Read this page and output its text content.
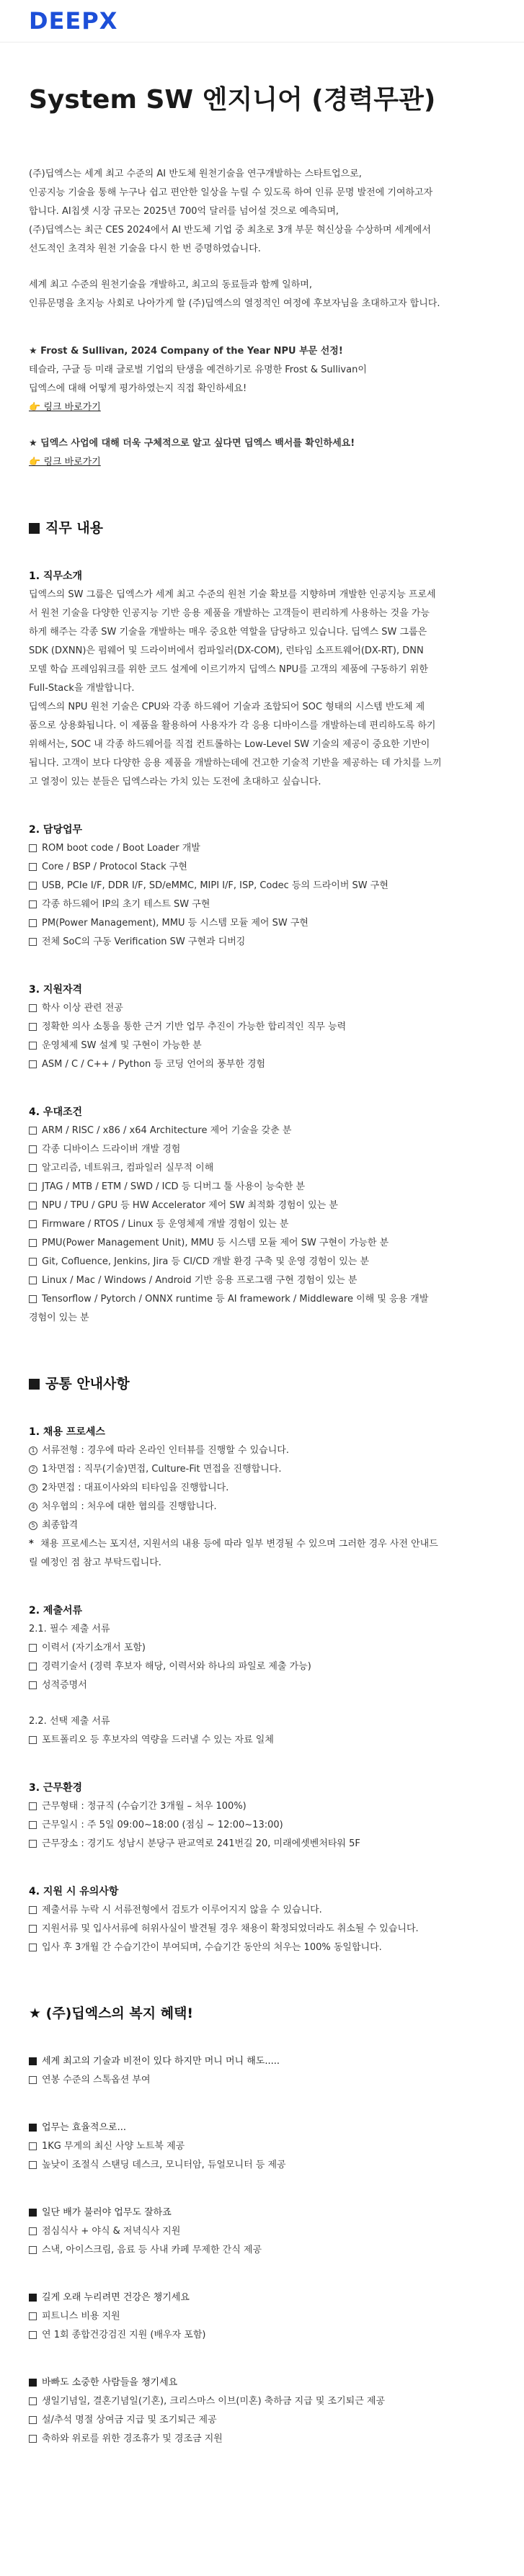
DEEPX
System SW 엔지니어 (경력무관)

(주)딥엑스는 세계 최고 수준의 AI 반도체 원천기술을 연구개발하는 스타트업으로,

인공지능 기술을 통해 누구나 쉽고 편안한 일상을 누릴 수 있도록 하여 인류 문명 발전에 기여하고자

합니다. AI칩셋 시장 규모는 2025년 700억 달러를 넘어설 것으로 예측되며,

(주)딥엑스는 최근 CES 2024에서 AI 반도체 기업 중 최초로 3개 부문 혁신상을 수상하며 세계에서

선도적인 초격차 원천 기술을 다시 한 번 증명하였습니다.

세계 최고 수준의 원천기술을 개발하고, 최고의 동료들과 함께 일하며,

인류문명을 초지능 사회로 나아가게 할 (주)딥엑스의 열정적인 여정에 후보자님을 초대하고자 합니다.

★ Frost & Sullivan, 2024 Company of the Year NPU 부문 선정!

테슬라, 구글 등 미래 글로벌 기업의 탄생을 예견하기로 유명한 Frost & Sullivan이

딥엑스에 대해 어떻게 평가하였는지 직접 확인하세요!

👉 링크 바로가기

★ 딥엑스 사업에 대해 더욱 구체적으로 알고 싶다면 딥엑스 백서를 확인하세요!

👉 링크 바로가기
직무 내용

1. 직무소개

딥엑스의 SW 그룹은 딥엑스가 세계 최고 수준의 원천 기술 확보를 지향하며 개발한 인공지능 프로세

서 원천 기술을 다양한 인공지능 기반 응용 제품을 개발하는 고객들이 편리하게 사용하는 것을 가능

하게 해주는 각종 SW 기술을 개발하는 매우 중요한 역할을 담당하고 있습니다. 딥엑스 SW 그룹은

SDK (DXNN)은 펌웨어 및 드라이버에서 컴파일러(DX-COM), 런타임 소프트웨어(DX-RT), DNN

모델 학습 프레임워크를 위한 코드 설계에 이르기까지 딥엑스 NPU를 고객의 제품에 구동하기 위한

Full-Stack을 개발합니다.

딥엑스의 NPU 원천 기술은 CPU와 각종 하드웨어 기술과 조합되어 SOC 형태의 시스템 반도체 제

품으로 상용화됩니다. 이 제품을 활용하여 사용자가 각 응용 디바이스를 개발하는데 편리하도록 하기

위해서는, SOC 내 각종 하드웨어를 직접 컨트롤하는 Low-Level SW 기술의 제공이 중요한 기반이

됩니다. 고객이 보다 다양한 응용 제품을 개발하는데에 건고한 기술적 기반을 제공하는 데 가치를 느끼

고 열정이 있는 분들은 딥엑스라는 가치 있는 도전에 초대하고 싶습니다.

2. 담당업무

ROM boot code / Boot Loader 개발
Core / BSP / Protocol Stack 구현
USB, PCIe I/F, DDR I/F, SD/eMMC, MIPI I/F, ISP, Codec 등의 드라이버 SW 구현
각종 하드웨어 IP의 초기 테스트 SW 구현
PM(Power Management), MMU 등 시스템 모듈 제어 SW 구현
전체 SoC의 구동 Verification SW 구현과 디버깅

3. 지원자격

학사 이상 관련 전공
정확한 의사 소통을 통한 근거 기반 업무 추진이 가능한 합리적인 직무 능력
운영체제 SW 설계 및 구현이 가능한 분
ASM / C / C++ / Python 등 코딩 언어의 풍부한 경험

4. 우대조건

ARM / RISC / x86 / x64 Architecture 제어 기술을 갖춘 분
각종 디바이스 드라이버 개발 경험
알고리즘, 네트워크, 컴파일러 실무적 이해
JTAG / MTB / ETM / SWD / ICD 등 디버그 툴 사용이 능숙한 분
NPU / TPU / GPU 등 HW Accelerator 제어 SW 최적화 경험이 있는 분
Firmware / RTOS / Linux 등 운영체제 개발 경험이 있는 분
PMU(Power Management Unit), MMU 등 시스템 모듈 제어 SW 구현이 가능한 분
Git, Cofluence, Jenkins, Jira 등 CI/CD 개발 환경 구축 및 운영 경험이 있는 분
Linux / Mac / Windows / Android 기반 응용 프로그램 구현 경험이 있는 분
Tensorflow / Pytorch / ONNX runtime 등 AI framework / Middleware 이해 및 응용 개발
경험이 있는 분
공통 안내사항

1. 채용 프로세스

1 서류전형 : 경우에 따라 온라인 인터뷰를 진행할 수 있습니다.
2 1차면접 : 직무(기술)면접, Culture-Fit 면접을 진행합니다.
3 2차면접 : 대표이사와의 티타임을 진행합니다.
4 처우협의 : 처우에 대한 협의를 진행합니다.
5 최종합격
* 채용 프로세스는 포지션, 지원서의 내용 등에 따라 일부 변경될 수 있으며 그러한 경우 사전 안내드
릴 예정인 점 참고 부탁드립니다.

2. 제출서류

2.1. 필수 제출 서류

이력서 (자기소개서 포함)
경력기술서 (경력 후보자 해당, 이력서와 하나의 파일로 제출 가능)
성적증명서

2.2. 선택 제출 서류

포트폴리오 등 후보자의 역량을 드러낼 수 있는 자료 일체

3. 근무환경

근무형태 : 정규직 (수습기간 3개월 – 처우 100%)
근무일시 : 주 5일 09:00~18:00 (점심 ~ 12:00~13:00)
근무장소 : 경기도 성남시 분당구 판교역로 241번길 20, 미래에셋벤처타워 5F

4. 지원 시 유의사항

제출서류 누락 시 서류전형에서 검토가 이루어지지 않을 수 있습니다.
지원서류 및 입사서류에 허위사실이 발견될 경우 채용이 확정되었더라도 취소될 수 있습니다.
입사 후 3개월 간 수습기간이 부여되며, 수습기간 동안의 처우는 100% 동일합니다.
★ (주)딥엑스의 복지 혜택!

세계 최고의 기술과 비전이 있다 하지만 머니 머니 해도.....

연봉 수준의 스톡옵션 부여

업무는 효율적으로...

1KG 무게의 최신 사양 노트북 제공
높낮이 조절식 스탠딩 데스크, 모니터암, 듀얼모니터 등 제공

일단 배가 불러야 업무도 잘하죠

점심식사 + 야식 & 저녁식사 지원
스낵, 아이스크림, 음료 등 사내 카페 무제한 간식 제공

길게 오래 누리려면 건강은 챙기세요

피트니스 비용 지원
연 1회 종합건강검진 지원 (배우자 포함)

바빠도 소중한 사람들을 챙기세요

생일기념일, 결혼기념일(기혼), 크리스마스 이브(미혼) 축하금 지급 및 조기퇴근 제공
설/추석 명절 상여금 지급 및 조기퇴근 제공
축하와 위로를 위한 경조휴가 및 경조금 지원
